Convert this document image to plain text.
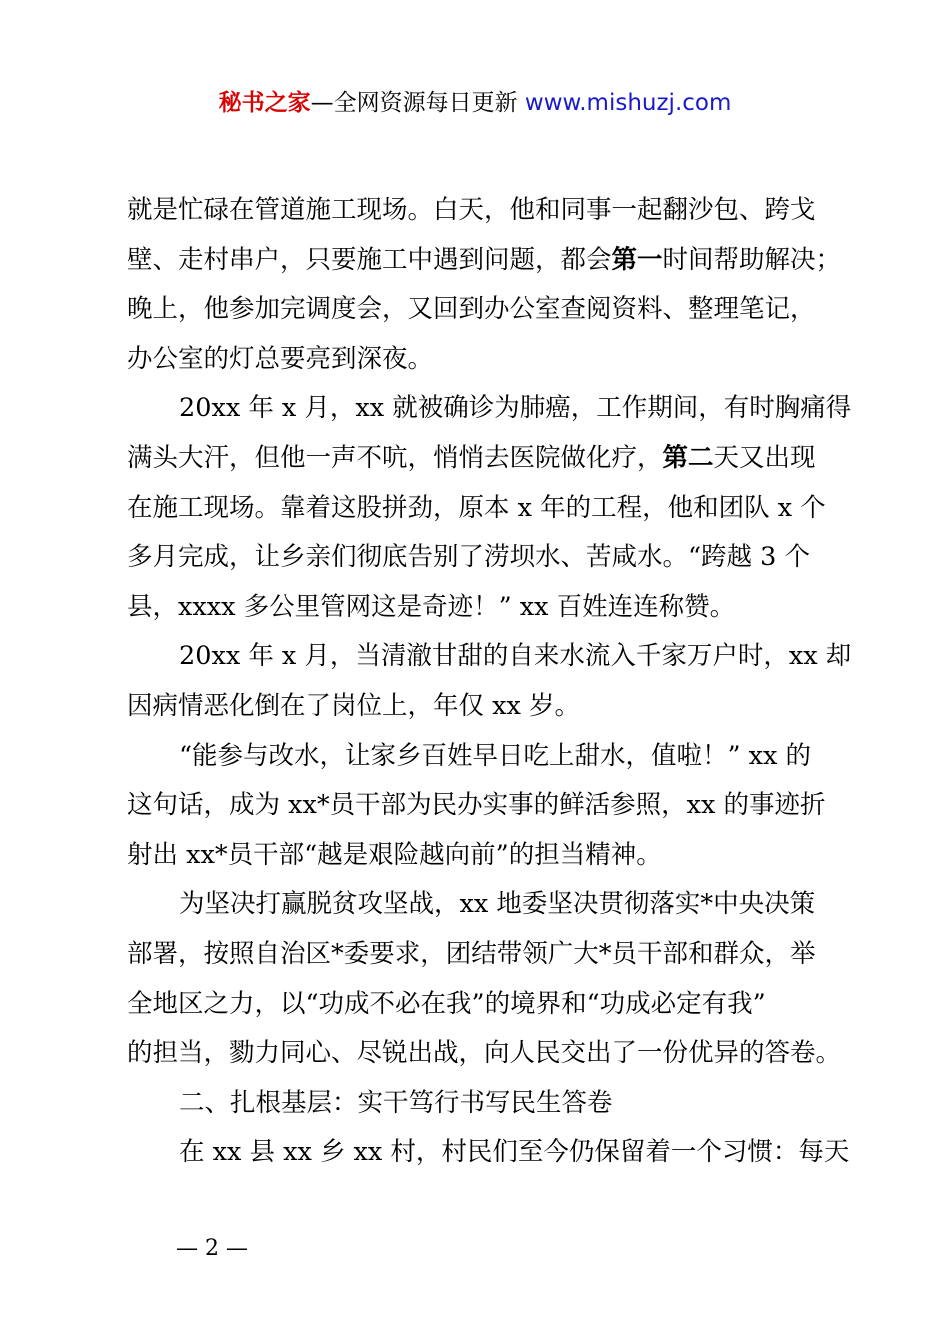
秘书之家—全网资源每日更新 www.mishuzj.com
就是忙碌在管道施工现场。白天，他和同事一起翻沙包、跨戈
壁、走村串户，只要施工中遇到问题，都会第一时间帮助解决；
晚上，他参加完调度会，又回到办公室查阅资料、整理笔记，
办公室的灯总要亮到深夜。
20xx 年 x 月，xx 就被确诊为肺癌，工作期间，有时胸痛得
满头大汗，但他一声不吭，悄悄去医院做化疗，第二天又出现
在施工现场。靠着这股拼劲，原本 x 年的工程，他和团队 x 个
多月完成，让乡亲们彻底告别了涝坝水、苦咸水。“跨越 3 个
县，xxxx 多公里管网这是奇迹！” xx 百姓连连称赞。
20xx 年 x 月，当清澈甘甜的自来水流入千家万户时，xx 却
因病情恶化倒在了岗位上，年仅 xx 岁。
“能参与改水，让家乡百姓早日吃上甜水，值啦！” xx 的
这句话，成为 xx*员干部为民办实事的鲜活参照，xx 的事迹折
射出 xx*员干部“越是艰险越向前”的担当精神。
为坚决打赢脱贫攻坚战，xx 地委坚决贯彻落实*中央决策
部署，按照自治区*委要求，团结带领广大*员干部和群众，举
全地区之力，以“功成不必在我”的境界和“功成必定有我”
的担当，勠力同心、尽锐出战，向人民交出了一份优异的答卷。
二、扎根基层：实干笃行书写民生答卷
在 xx 县 xx 乡 xx 村，村民们至今仍保留着一个习惯：每天
— 2 —
